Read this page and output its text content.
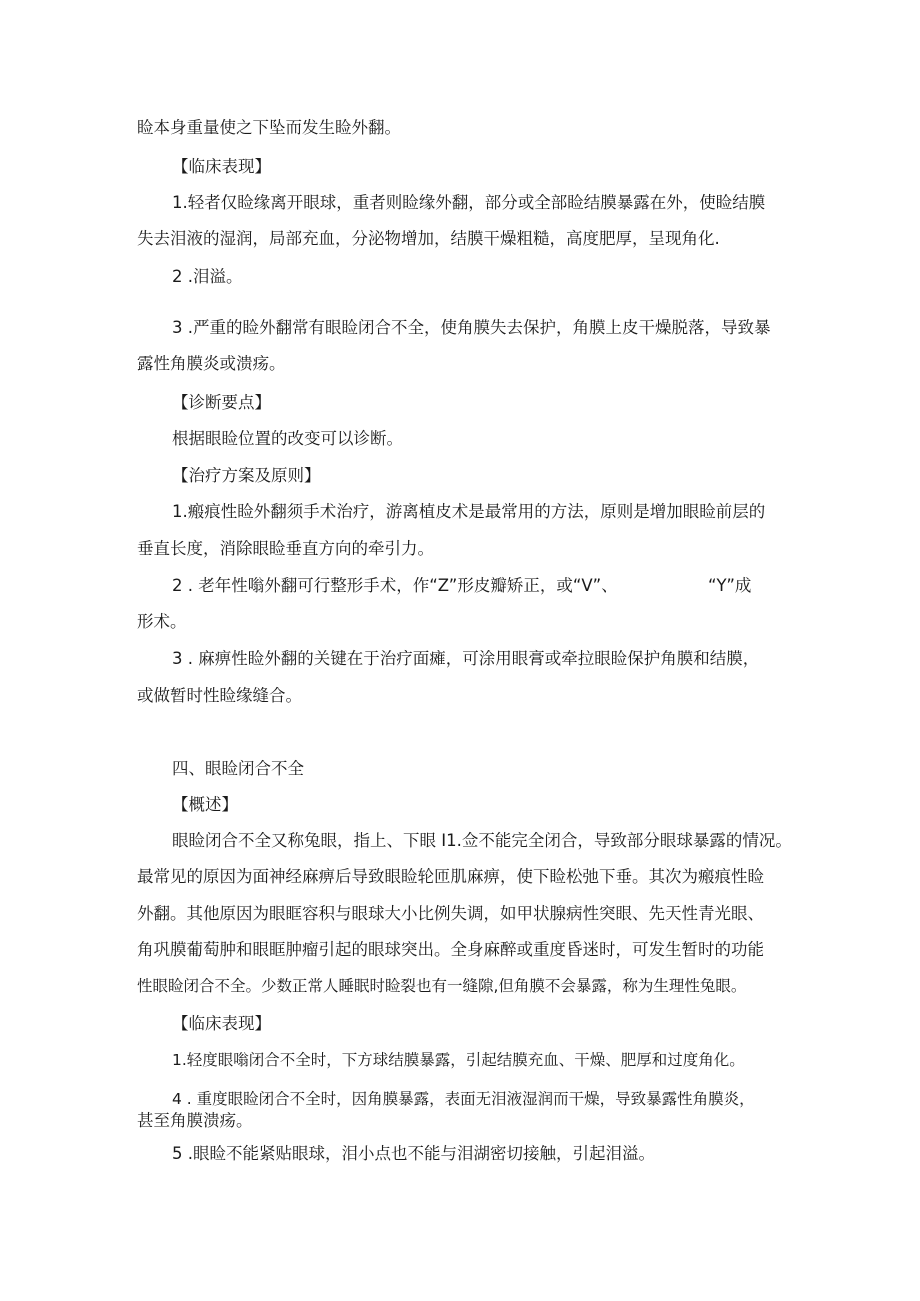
睑本身重量使之下坠而发生睑外翻。
【临床表现】
1.轻者仅睑缘离开眼球，重者则睑缘外翻，部分或全部睑结膜暴露在外，使睑结膜
失去泪液的湿润，局部充血，分泌物增加，结膜干燥粗糙，高度肥厚，呈现角化.
2 .泪溢。
3 .严重的睑外翻常有眼睑闭合不全，使角膜失去保护，角膜上皮干燥脱落，导致暴
露性角膜炎或溃疡。
【诊断要点】
根据眼睑位置的改变可以诊断。
【治疗方案及原则】
1.瘢痕性睑外翻须手术治疗，游离植皮术是最常用的方法，原则是增加眼睑前层的
垂直长度，消除眼睑垂直方向的牵引力。
2 . 老年性嗡外翻可行整形手术，作“Z”形皮瓣矫正，或“V”、	“Y”成
形术。
3 . 麻痹性睑外翻的关键在于治疗面瘫，可涂用眼膏或牵拉眼睑保护角膜和结膜，
或做暂时性睑缘缝合。
四、眼睑闭合不全
【概述】
眼睑闭合不全又称兔眼，指上、下眼 I1.佥不能完全闭合，导致部分眼球暴露的情况。
最常见的原因为面神经麻痹后导致眼睑轮匝肌麻痹，使下睑松弛下垂。其次为瘢痕性睑
外翻。其他原因为眼眶容积与眼球大小比例失调，如甲状腺病性突眼、先天性青光眼、
角巩膜葡萄肿和眼眶肿瘤引起的眼球突出。全身麻醉或重度昏迷时，可发生暂时的功能
性眼睑闭合不全。少数正常人睡眠时睑裂也有一缝隙,但角膜不会暴露，称为生理性兔眼。
【临床表现】
1.轻度眼嗡闭合不全时，下方球结膜暴露，引起结膜充血、干燥、肥厚和过度角化。
4 . 重度眼睑闭合不全时，因角膜暴露，表面无泪液湿润而干燥，导致暴露性角膜炎，
甚至角膜溃疡。
5 .眼睑不能紧贴眼球，泪小点也不能与泪湖密切接触，引起泪溢。
